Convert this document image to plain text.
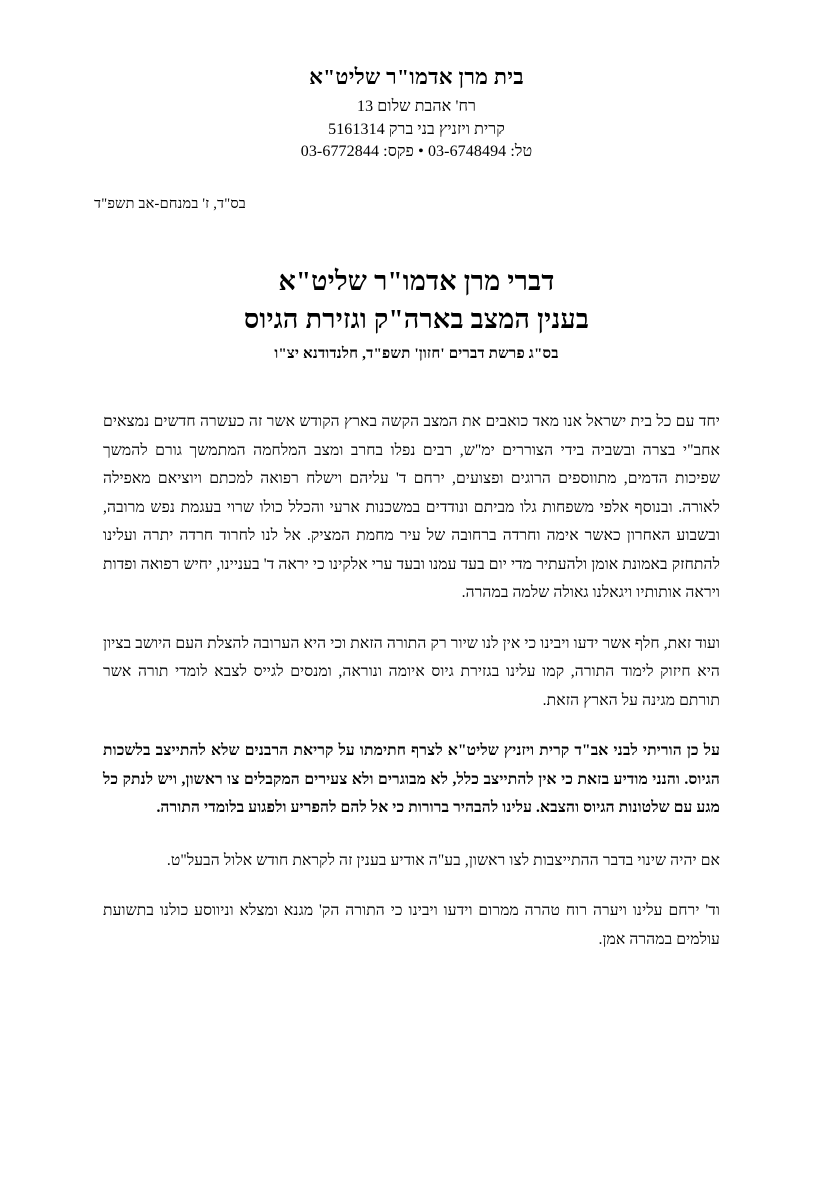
בית מרן אדמו"ר שליט"א
רח' אהבת שלום 13
קרית ויזניץ בני ברק 5161314
טל: 03-6748494 • פקס: 03-6772844
בס"ד, ז' במנחם-אב תשפ"ד
דברי מרן אדמו"ר שליט"א
בענין המצב בארה"ק וגזירת הגיוס
בס"ג פרשת דברים 'חזון' תשפ"ד, חלנדודנא יצ"ו

יחד עם כל בית ישראל אנו מאד כואבים את המצב הקשה בארץ הקודש אשר זה כעשרה חדשים נמצאים אחב"י בצרה ובשביה בידי הצוררים ימ"ש, רבים נפלו בחרב ומצב המלחמה המתמשך גורם להמשך שפיכות הדמים, מתווספים הרוגים ופצועים, ירחם ד' עליהם וישלח רפואה למכתם ויוציאם מאפילה לאורה. ובנוסף אלפי משפחות גלו מביתם ונודדים במשכנות ארעי והכלל כולו שרוי בעגמת נפש מרובה, ובשבוע האחרון כאשר אימה וחרדה ברחובה של עיר מחמת המציק. אל לנו לחרוד חרדה יתרה ועלינו להתחזק באמונת אומן ולהעתיר מדי יום בעד עמנו ובעד ערי אלקינו כי יראה ד' בעניינו, יחיש רפואה ופדות ויראה אותותיו ויגאלנו גאולה שלמה במהרה.

ועוד זאת, חלף אשר ידעו ויבינו כי אין לנו שיור רק התורה הזאת וכי היא הערובה להצלת העם היושב בציון היא חיזוק לימוד התורה, קמו עלינו בגזירת גיוס איומה ונוראה, ומנסים לגייס לצבא לומדי תורה אשר תורתם מגינה על הארץ הזאת.

על כן הוריתי לבני אב"ד קרית ויזניץ שליט"א לצרף חתימתו על קריאת הרבנים שלא להתייצב בלשכות הגיוס. והנני מודיע בזאת כי אין להתייצב כלל, לא מבוגרים ולא צעירים המקבלים צו ראשון, ויש לנתק כל מגע עם שלטונות הגיוס והצבא. עלינו להבהיר ברורות כי אל להם להפריע ולפגוע בלומדי התורה.

אם יהיה שינוי בדבר ההתייצבות לצו ראשון, בע"ה אודיע בענין זה לקראת חודש אלול הבעל"ט.

וד' ירחם עלינו ויערה רוח טהרה ממרום וידעו ויבינו כי התורה הק' מגנא ומצלא וניווסע כולנו בתשועת עולמים במהרה אמן.
